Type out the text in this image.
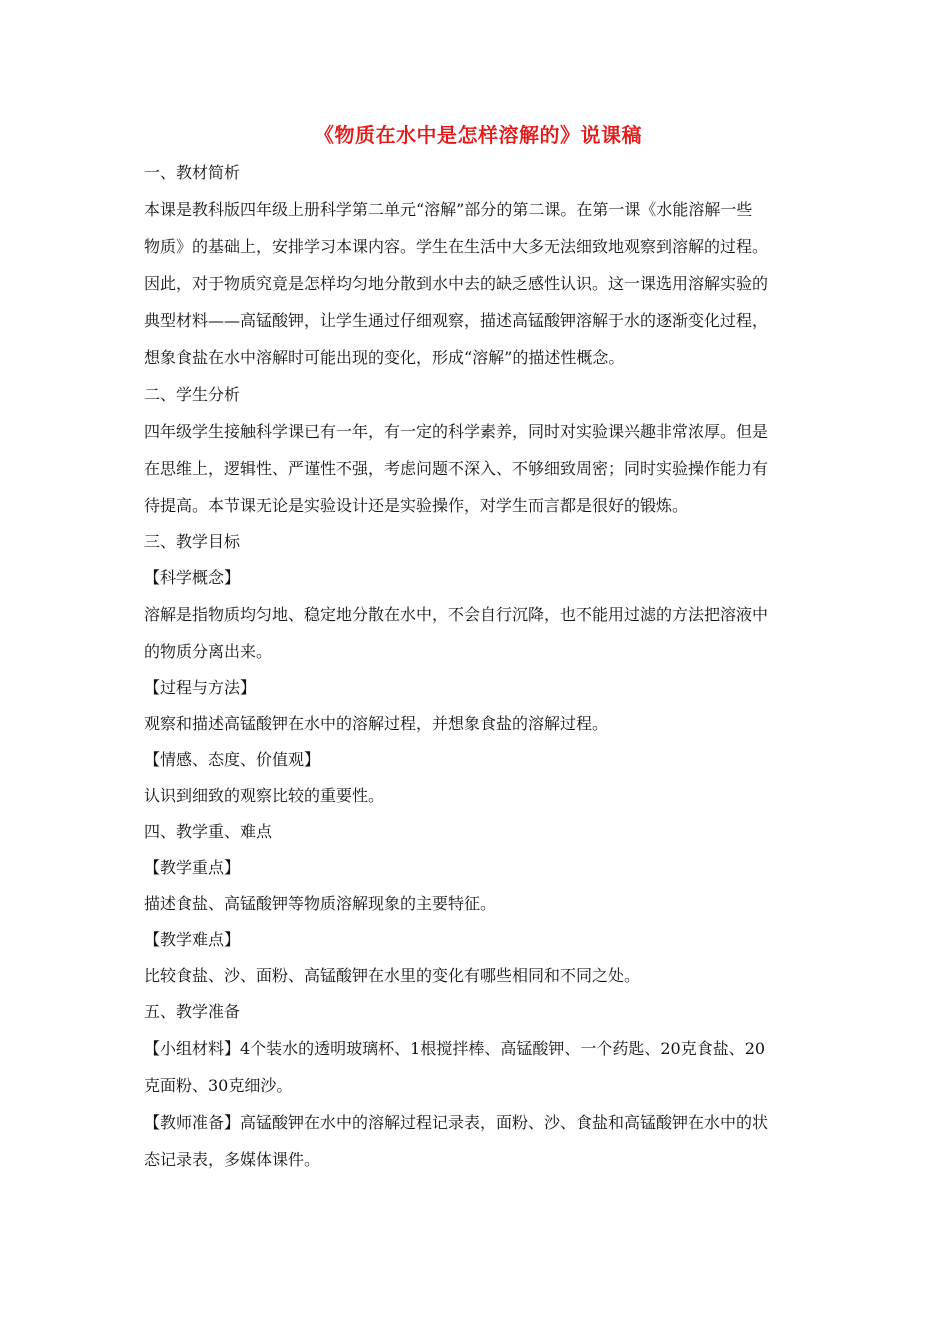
《物质在水中是怎样溶解的》说课稿
一、教材简析
本课是教科版四年级上册科学第二单元“溶解”部分的第二课。在第一课《水能溶解一些
物质》的基础上，安排学习本课内容。学生在生活中大多无法细致地观察到溶解的过程。
因此，对于物质究竟是怎样均匀地分散到水中去的缺乏感性认识。这一课选用溶解实验的
典型材料——高锰酸钾，让学生通过仔细观察，描述高锰酸钾溶解于水的逐渐变化过程，
想象食盐在水中溶解时可能出现的变化，形成“溶解”的描述性概念。
二、学生分析
四年级学生接触科学课已有一年，有一定的科学素养，同时对实验课兴趣非常浓厚。但是
在思维上，逻辑性、严谨性不强，考虑问题不深入、不够细致周密；同时实验操作能力有
待提高。本节课无论是实验设计还是实验操作，对学生而言都是很好的锻炼。
三、教学目标
【科学概念】
溶解是指物质均匀地、稳定地分散在水中，不会自行沉降，也不能用过滤的方法把溶液中
的物质分离出来。
【过程与方法】
观察和描述高锰酸钾在水中的溶解过程，并想象食盐的溶解过程。
【情感、态度、价值观】
认识到细致的观察比较的重要性。
四、教学重、难点
【教学重点】
描述食盐、高锰酸钾等物质溶解现象的主要特征。
【教学难点】
比较食盐、沙、面粉、高锰酸钾在水里的变化有哪些相同和不同之处。
五、教学准备
【小组材料】4个装水的透明玻璃杯、1根搅拌棒、高锰酸钾、一个药匙、20克食盐、20
克面粉、30克细沙。
【教师准备】高锰酸钾在水中的溶解过程记录表，面粉、沙、食盐和高锰酸钾在水中的状
态记录表，多媒体课件。
